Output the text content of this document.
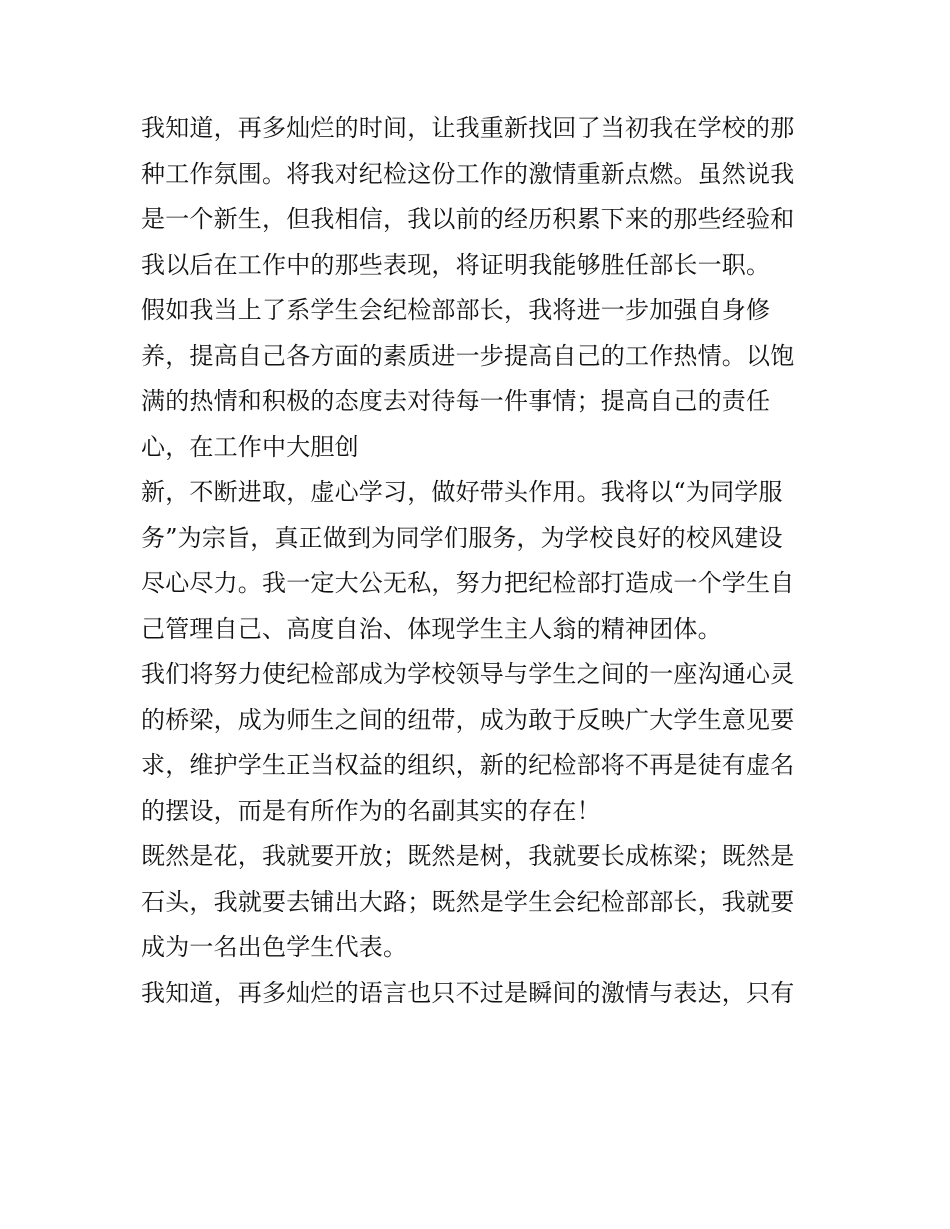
我知道，再多灿烂的时间，让我重新找回了当初我在学校的那
种工作氛围。将我对纪检这份工作的激情重新点燃。虽然说我
是一个新生，但我相信，我以前的经历积累下来的那些经验和
我以后在工作中的那些表现，将证明我能够胜任部长一职。
假如我当上了系学生会纪检部部长，我将进一步加强自身修
养，提高自己各方面的素质进一步提高自己的工作热情。以饱
满的热情和积极的态度去对待每一件事情；提高自己的责任
心，在工作中大胆创
新，不断进取，虚心学习，做好带头作用。我将以“为同学服
务”为宗旨，真正做到为同学们服务，为学校良好的校风建设
尽心尽力。我一定大公无私，努力把纪检部打造成一个学生自
己管理自己、高度自治、体现学生主人翁的精神团体。
我们将努力使纪检部成为学校领导与学生之间的一座沟通心灵
的桥梁，成为师生之间的纽带，成为敢于反映广大学生意见要
求，维护学生正当权益的组织，新的纪检部将不再是徒有虚名
的摆设，而是有所作为的名副其实的存在！
既然是花，我就要开放；既然是树，我就要长成栋梁；既然是
石头，我就要去铺出大路；既然是学生会纪检部部长，我就要
成为一名出色学生代表。
我知道，再多灿烂的语言也只不过是瞬间的激情与表达，只有
